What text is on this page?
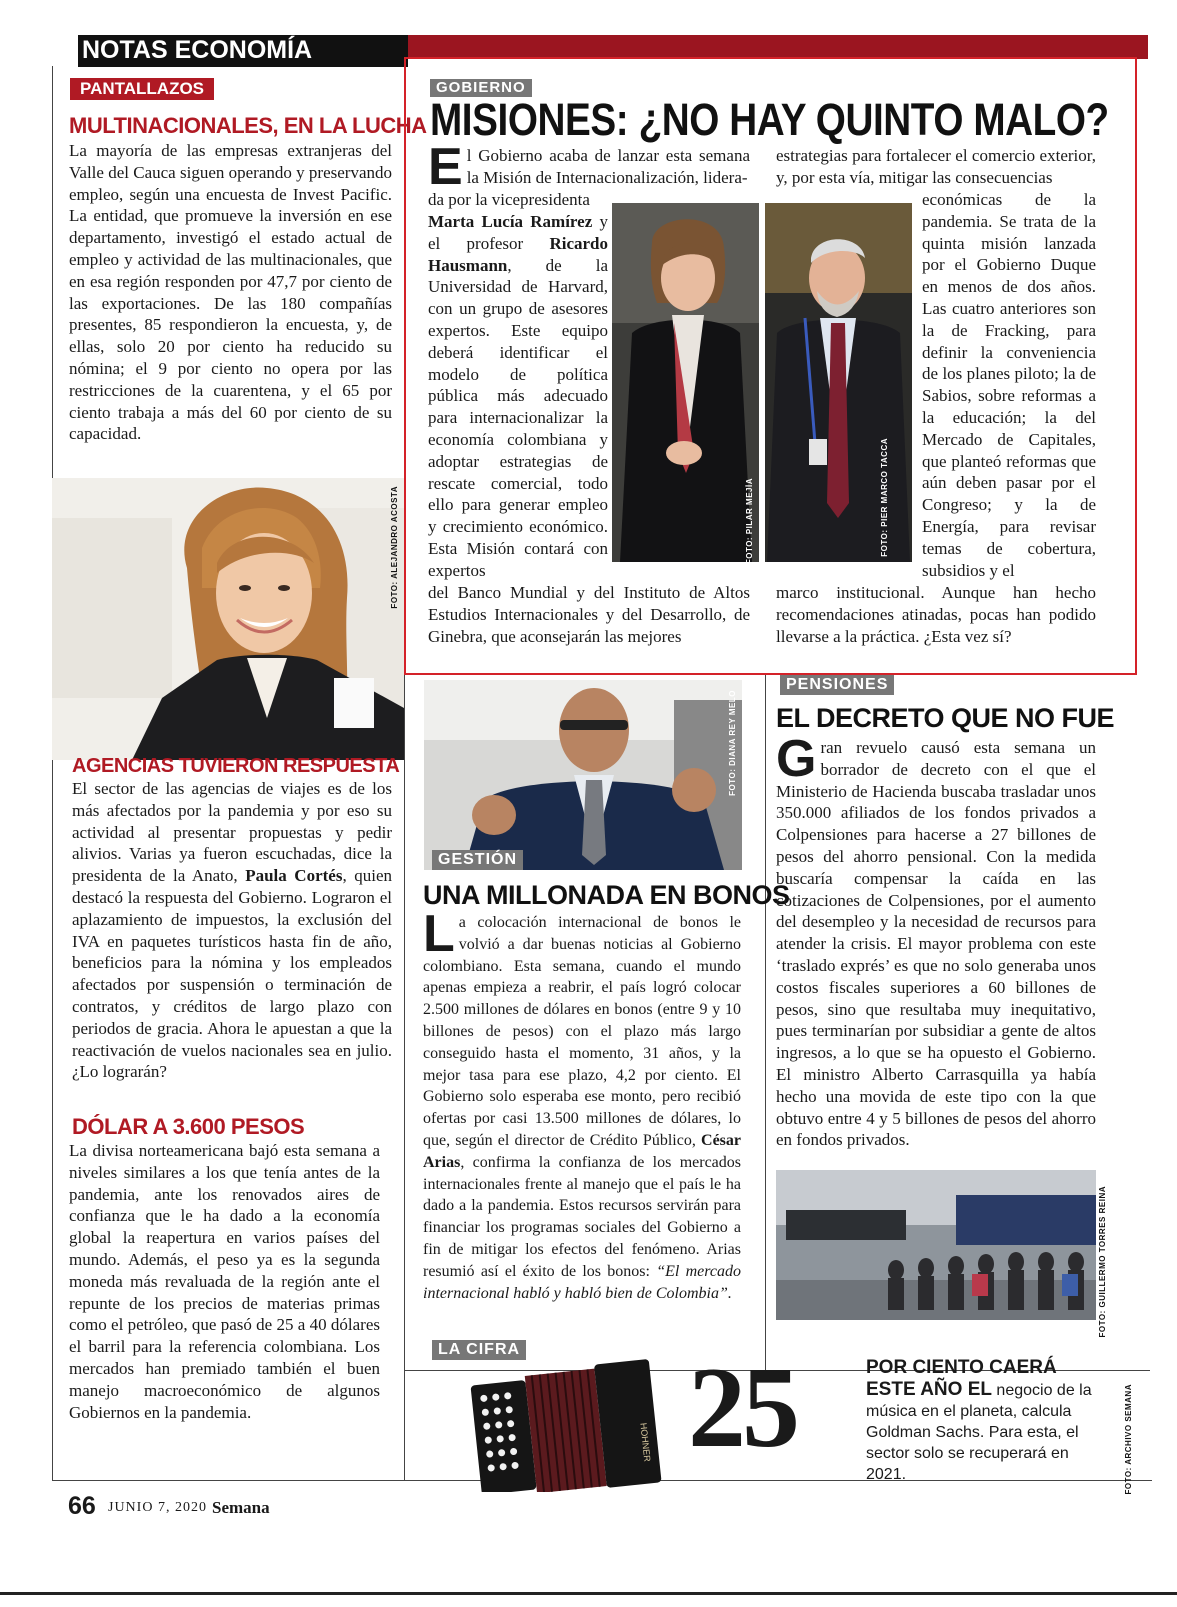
NOTAS ECONOMÍA
PANTALLAZOS
MULTINACIONALES, EN LA LUCHA
La mayoría de las empresas extranjeras del Valle del Cauca siguen operando y preservando empleo, según una encuesta de Invest Pacific. La entidad, que promueve la inversión en ese departamento, investigó el estado actual de empleo y actividad de las multinacionales, que en esa región responden por 47,7 por ciento de las exportaciones. De las 180 compañías presentes, 85 respondieron la encuesta, y, de ellas, solo 20 por ciento ha reducido su nómina; el 9 por ciento no opera por las restricciones de la cuarentena, y el 65 por ciento trabaja a más del 60 por ciento de su capacidad.
FOTO: ALEJANDRO ACOSTA
AGENCIAS TUVIERON RESPUESTA
El sector de las agencias de viajes es de los más afectados por la pandemia y por eso su actividad al presentar propuestas y pedir alivios. Varias ya fueron escuchadas, dice la presidenta de la Anato, Paula Cortés, quien destacó la respuesta del Gobierno. Lograron el aplazamiento de impuestos, la exclusión del IVA en paquetes turísticos hasta fin de año, beneficios para la nómina y los empleados afectados por suspensión o terminación de contratos, y créditos de largo plazo con periodos de gracia. Ahora le apuestan a que la reactivación de vuelos nacionales sea en julio. ¿Lo lograrán?
DÓLAR A 3.600 PESOS
La divisa norteamericana bajó esta semana a niveles similares a los que tenía antes de la pandemia, ante los renovados aires de confianza que le ha dado a la economía global la reapertura en varios países del mundo. Además, el peso ya es la segunda moneda más revaluada de la región ante el repunte de los precios de materias primas como el petróleo, que pasó de 25 a 40 dólares el barril para la referencia colombiana. Los mercados han premiado también el buen manejo macroeconómico de algunos Gobiernos en la pandemia.
GOBIERNO
MISIONES: ¿NO HAY QUINTO MALO?
El Gobierno acaba de lanzar esta semana la Misión de Internacionalización, lidera-
da por la vicepresidenta
Marta Lucía Ramírez y el profesor Ricardo Hausmann, de la Universidad de Harvard, con un grupo de asesores expertos. Este equipo deberá identificar el modelo de política pública más adecuado para internacionalizar la economía colombiana y adoptar estrategias de rescate comercial, todo ello para generar empleo y crecimiento económico. Esta Misión contará con expertos
del Banco Mundial y del Instituto de Altos Estudios Internacionales y del Desarrollo, de Ginebra, que aconsejarán las mejores
FOTO: PILAR MEJÍA	FOTO: PIER MARCO TACCA
estrategias para fortalecer el comercio exterior, y, por esta vía, mitigar las consecuencias
económicas de la pandemia. Se trata de la quinta misión lanzada por el Gobierno Duque en menos de dos años. Las cuatro anteriores son la de Fracking, para definir la conveniencia de los planes piloto; la de Sabios, sobre reformas a la educación; la del Mercado de Capitales, que planteó reformas que aún deben pasar por el Congreso; y la de Energía, para revisar temas de cobertura, subsidios y el
marco institucional. Aunque han hecho recomendaciones atinadas, pocas han podido llevarse a la práctica. ¿Esta vez sí?
FOTO: DIANA REY MELO
GESTIÓN
UNA MILLONADA EN BONOS
La colocación internacional de bonos le volvió a dar buenas noticias al Gobierno colombiano. Esta semana, cuando el mundo apenas empieza a reabrir, el país logró colocar 2.500 millones de dólares en bonos (entre 9 y 10 billones de pesos) con el plazo más largo conseguido hasta el momento, 31 años, y la mejor tasa para ese plazo, 4,2 por ciento. El Gobierno solo esperaba ese monto, pero recibió ofertas por casi 13.500 millones de dólares, lo que, según el director de Crédito Público, César Arias, confirma la confianza de los mercados internacionales frente al manejo que el país le ha dado a la pandemia. Estos recursos servirán para financiar los programas sociales del Gobierno a fin de mitigar los efectos del fenómeno. Arias resumió así el éxito de los bonos: “El mercado internacional habló y habló bien de Colombia”.
PENSIONES
EL DECRETO QUE NO FUE
Gran revuelo causó esta semana un borrador de decreto con el que el Ministerio de Hacienda buscaba trasladar unos 350.000 afiliados de los fondos privados a Colpensiones para hacerse a 27 billones de pesos del ahorro pensional. Con la medida buscaría compensar la caída en las cotizaciones de Colpensiones, por el aumento del desempleo y la necesidad de recursos para atender la crisis. El mayor problema con este ‘traslado exprés’ es que no solo generaba unos costos fiscales superiores a 60 billones de pesos, sino que resultaba muy inequitativo, pues terminarían por subsidiar a gente de altos ingresos, a lo que se ha opuesto el Gobierno. El ministro Alberto Carrasquilla ya había hecho una movida de este tipo con la que obtuvo entre 4 y 5 billones de pesos del ahorro en fondos privados.
FOTO: GUILLERMO TORRES REINA
LA CIFRA
HOHNER 25	POR CIENTO CAERÁ ESTE AÑO EL negocio de la música en el planeta, calcula Goldman Sachs. Para esta, el sector solo se recuperará en 2021.	FOTO: ARCHIVO SEMANA
66 JUNIO 7, 2020 Semana
